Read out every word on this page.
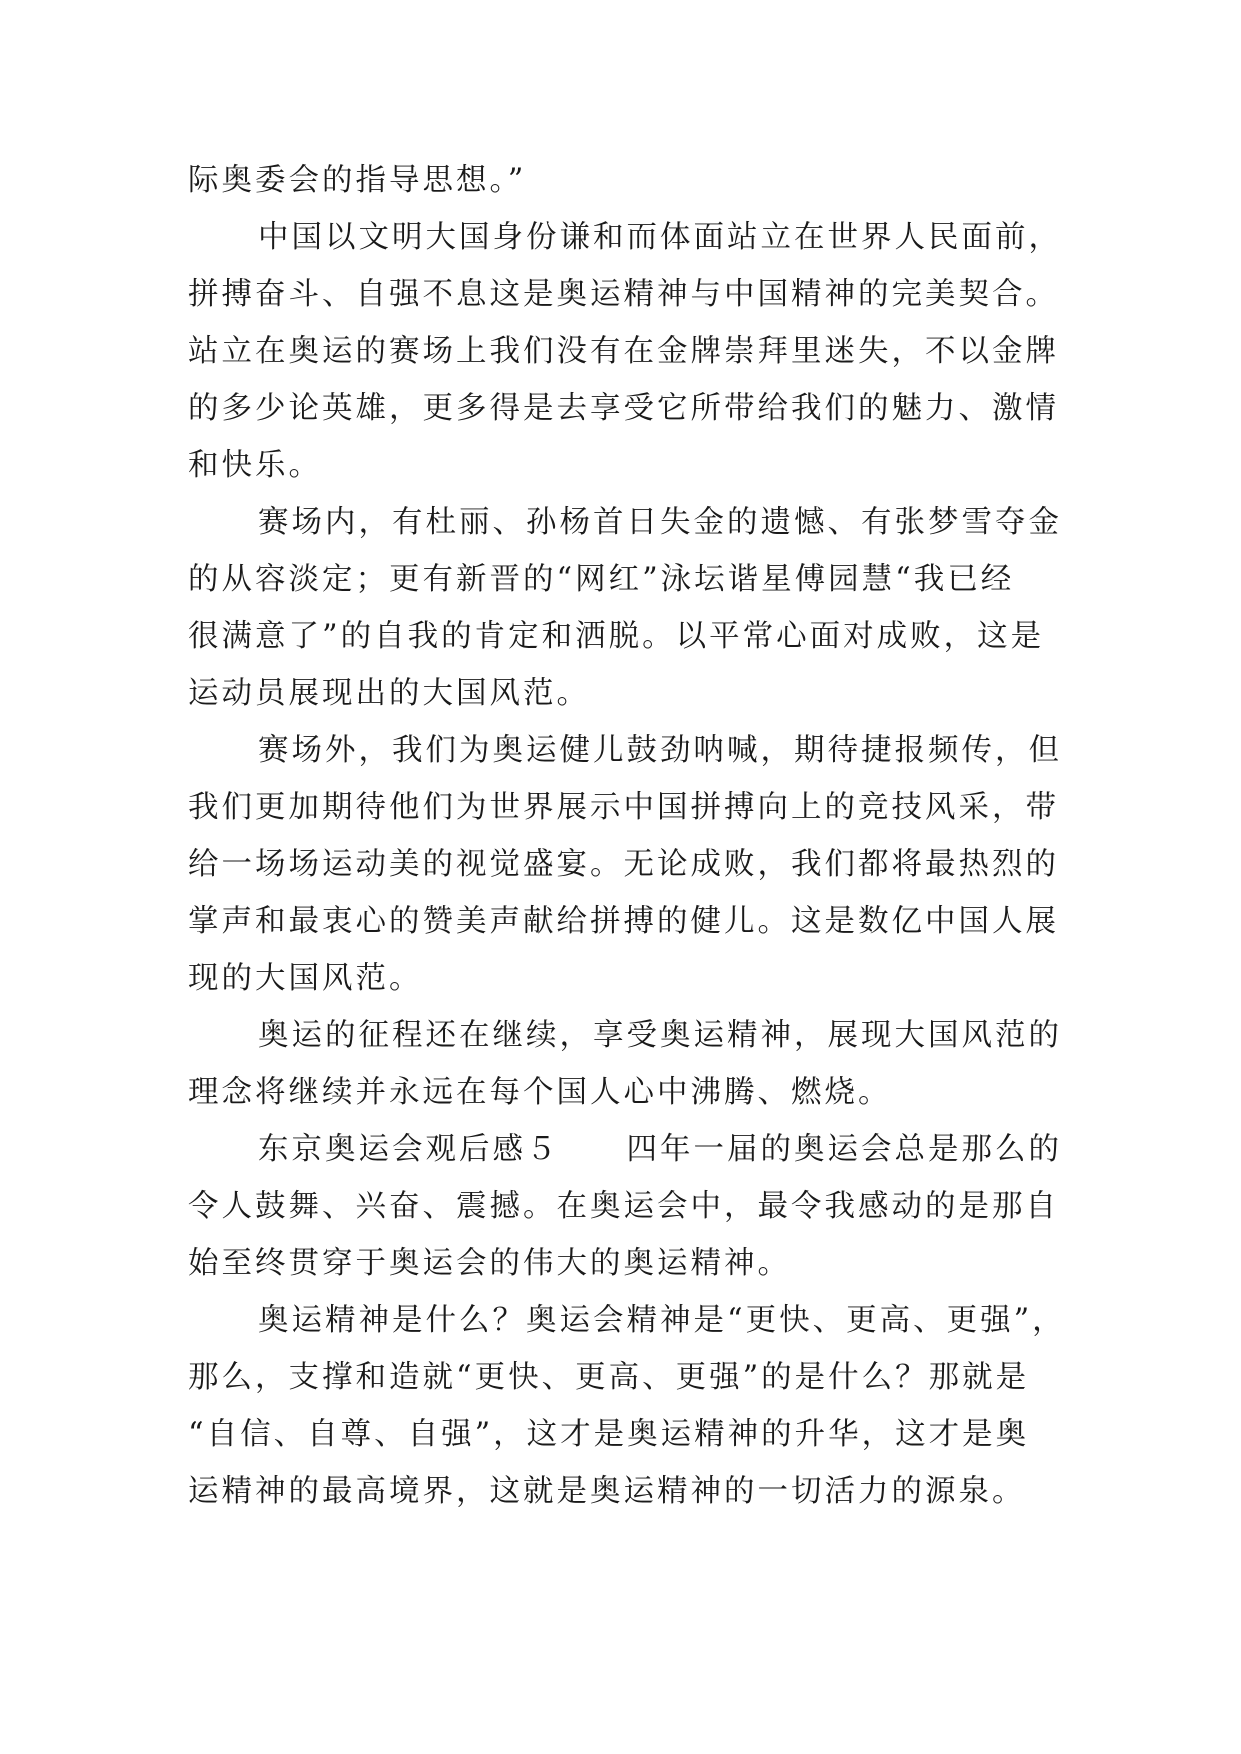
际奥委会的指导思想。”
中国以文明大国身份谦和而体面站立在世界人民面前，
拼搏奋斗、自强不息这是奥运精神与中国精神的完美契合。
站立在奥运的赛场上我们没有在金牌崇拜里迷失，不以金牌
的多少论英雄，更多得是去享受它所带给我们的魅力、激情
和快乐。
赛场内，有杜丽、孙杨首日失金的遗憾、有张梦雪夺金
的从容淡定；更有新晋的“网红”泳坛谐星傅园慧“我已经
很满意了”的自我的肯定和洒脱。以平常心面对成败，这是
运动员展现出的大国风范。
赛场外，我们为奥运健儿鼓劲呐喊，期待捷报频传，但
我们更加期待他们为世界展示中国拼搏向上的竞技风采，带
给一场场运动美的视觉盛宴。无论成败，我们都将最热烈的
掌声和最衷心的赞美声献给拼搏的健儿。这是数亿中国人展
现的大国风范。
奥运的征程还在继续，享受奥运精神，展现大国风范的
理念将继续并永远在每个国人心中沸腾、燃烧。
东京奥运会观后感５　　四年一届的奥运会总是那么的
令人鼓舞、兴奋、震撼。在奥运会中，最令我感动的是那自
始至终贯穿于奥运会的伟大的奥运精神。
奥运精神是什么？奥运会精神是“更快、更高、更强”，
那么，支撑和造就“更快、更高、更强”的是什么？那就是
“自信、自尊、自强”，这才是奥运精神的升华，这才是奥
运精神的最高境界，这就是奥运精神的一切活力的源泉。
